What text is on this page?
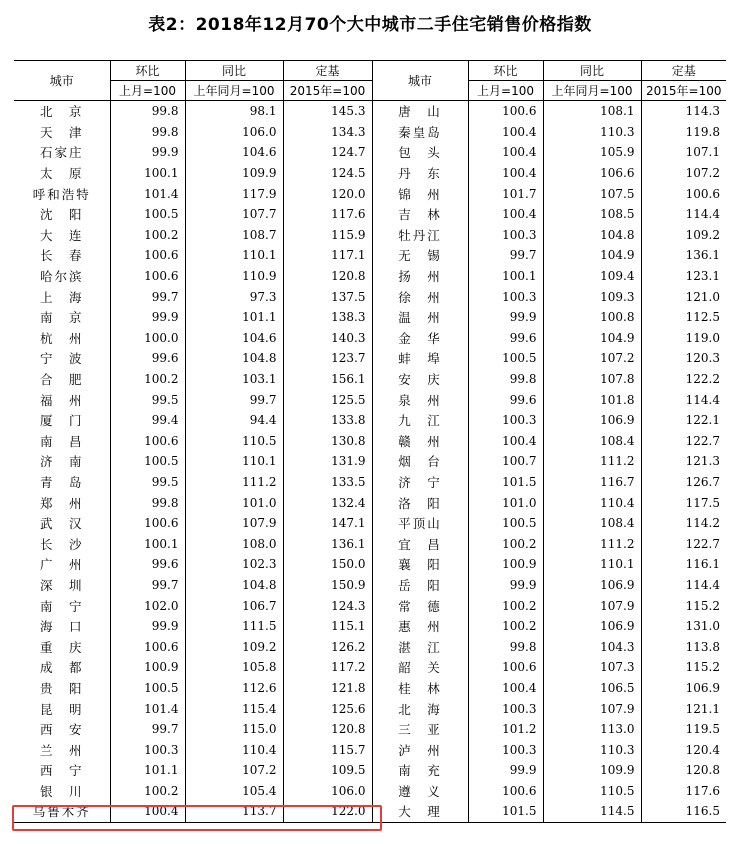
表2：2018年12月70个大中城市二手住宅销售价格指数
城市	环比	同比	定基	城市	环比	同比	定基
	上月=100	上年同月=100	2015年=100		上月=100	上年同月=100	2015年=100
北　京	99.8	98.1	145.3	唐　山	100.6	108.1	114.3
天　津	99.8	106.0	134.3	秦皇岛	100.4	110.3	119.8
石家庄	99.9	104.6	124.7	包　头	100.4	105.9	107.1
太　原	100.1	109.9	124.5	丹　东	100.4	106.6	107.2
呼和浩特	101.4	117.9	120.0	锦　州	101.7	107.5	100.6
沈　阳	100.5	107.7	117.6	吉　林	100.4	108.5	114.4
大　连	100.2	108.7	115.9	牡丹江	100.3	104.8	109.2
长　春	100.6	110.1	117.1	无　锡	99.7	104.9	136.1
哈尔滨	100.6	110.9	120.8	扬　州	100.1	109.4	123.1
上　海	99.7	97.3	137.5	徐　州	100.3	109.3	121.0
南　京	99.9	101.1	138.3	温　州	99.9	100.8	112.5
杭　州	100.0	104.6	140.3	金　华	99.6	104.9	119.0
宁　波	99.6	104.8	123.7	蚌　埠	100.5	107.2	120.3
合　肥	100.2	103.1	156.1	安　庆	99.8	107.8	122.2
福　州	99.5	99.7	125.5	泉　州	99.6	101.8	114.4
厦　门	99.4	94.4	133.8	九　江	100.3	106.9	122.1
南　昌	100.6	110.5	130.8	赣　州	100.4	108.4	122.7
济　南	100.5	110.1	131.9	烟　台	100.7	111.2	121.3
青　岛	99.5	111.2	133.5	济　宁	101.5	116.7	126.7
郑　州	99.8	101.0	132.4	洛　阳	101.0	110.4	117.5
武　汉	100.6	107.9	147.1	平顶山	100.5	108.4	114.2
长　沙	100.1	108.0	136.1	宜　昌	100.2	111.2	122.7
广　州	99.6	102.3	150.0	襄　阳	100.9	110.1	116.1
深　圳	99.7	104.8	150.9	岳　阳	99.9	106.9	114.4
南　宁	102.0	106.7	124.3	常　德	100.2	107.9	115.2
海　口	99.9	111.5	115.1	惠　州	100.2	106.9	131.0
重　庆	100.6	109.2	126.2	湛　江	99.8	104.3	113.8
成　都	100.9	105.8	117.2	韶　关	100.6	107.3	115.2
贵　阳	100.5	112.6	121.8	桂　林	100.4	106.5	106.9
昆　明	101.4	115.4	125.6	北　海	100.3	107.9	121.1
西　安	99.7	115.0	120.8	三　亚	101.2	113.0	119.5
兰　州	100.3	110.4	115.7	泸　州	100.3	110.3	120.4
西　宁	101.1	107.2	109.5	南　充	99.9	109.9	120.8
银　川	100.2	105.4	106.0	遵　义	100.6	110.5	117.6
乌鲁木齐	100.4	113.7	122.0	大　理	101.5	114.5	116.5
